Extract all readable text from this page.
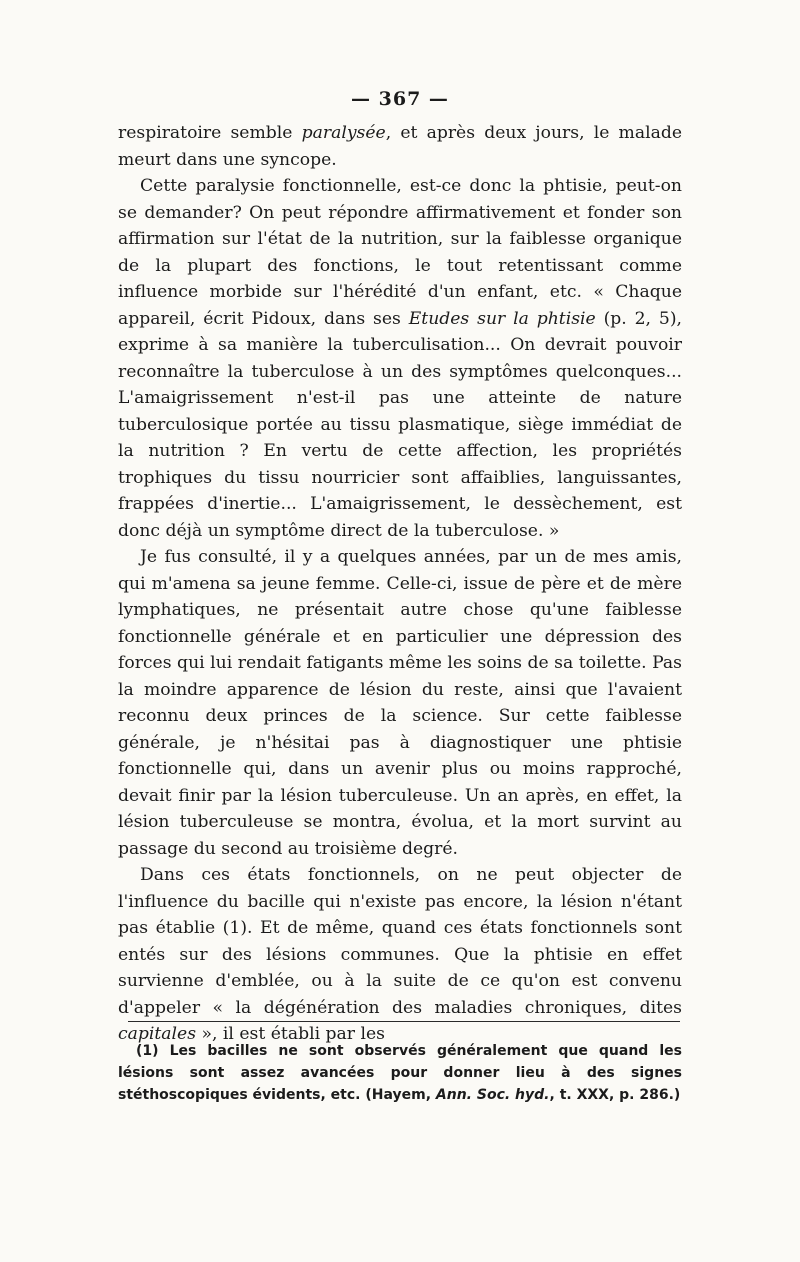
— 367 —

respiratoire semble paralysée, et après deux jours, le malade meurt dans une syncope.

Cette paralysie fonctionnelle, est-ce donc la phtisie, peut-on se demander? On peut répondre affirmativement et fonder son affirmation sur l'état de la nutrition, sur la faiblesse organique de la plupart des fonctions, le tout retentissant comme influence morbide sur l'hérédité d'un enfant, etc. « Chaque appareil, écrit Pidoux, dans ses Etudes sur la phtisie (p. 2, 5), exprime à sa manière la tuberculisation... On devrait pouvoir reconnaître la tuberculose à un des symptômes quelconques... L'amaigrissement n'est-il pas une atteinte de nature tuberculosique portée au tissu plasmatique, siège immédiat de la nutrition ? En vertu de cette affection, les propriétés trophiques du tissu nourricier sont affaiblies, languissantes, frappées d'inertie... L'amaigrissement, le dessèchement, est donc déjà un symptôme direct de la tuberculose. »

Je fus consulté, il y a quelques années, par un de mes amis, qui m'amena sa jeune femme. Celle-ci, issue de père et de mère lymphatiques, ne présentait autre chose qu'une faiblesse fonctionnelle générale et en particulier une dépression des forces qui lui rendait fatigants même les soins de sa toilette. Pas la moindre apparence de lésion du reste, ainsi que l'avaient reconnu deux princes de la science. Sur cette faiblesse générale, je n'hésitai pas à diagnostiquer une phtisie fonctionnelle qui, dans un avenir plus ou moins rapproché, devait finir par la lésion tuberculeuse. Un an après, en effet, la lésion tuberculeuse se montra, évolua, et la mort survint au passage du second au troisième degré.

Dans ces états fonctionnels, on ne peut objecter de l'influence du bacille qui n'existe pas encore, la lésion n'étant pas établie (1). Et de même, quand ces états fonctionnels sont entés sur des lésions communes. Que la phtisie en effet survienne d'emblée, ou à la suite de ce qu'on est convenu d'appeler « la dégénération des maladies chroniques, dites capitales », il est établi par les

(1) Les bacilles ne sont observés généralement que quand les lésions sont assez avancées pour donner lieu à des signes stéthoscopiques évidents, etc. (Hayem, Ann. Soc. hyd., t. XXX, p. 286.)
